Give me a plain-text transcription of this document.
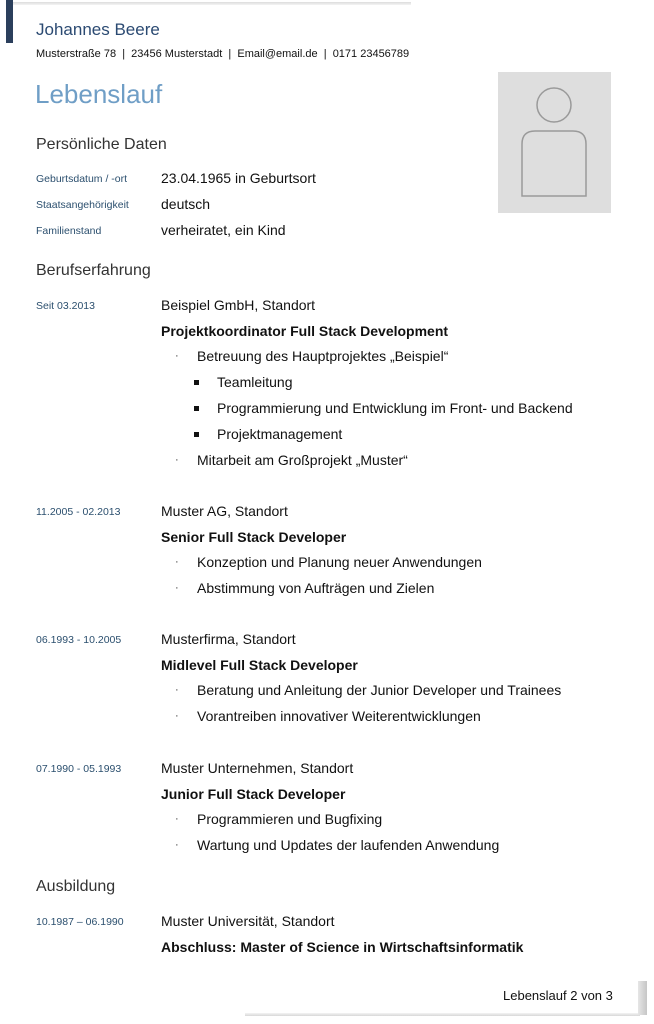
Johannes Beere
Musterstraße 78  |  23456 Musterstadt  |  Email@email.de  |  0171 23456789
Lebenslauf
Persönliche Daten
Geburtsdatum / -ort 23.04.1965 in Geburtsort
Staatsangehörigkeit deutsch
Familienstand	verheiratet, ein Kind
Berufserfahrung
Seit 03.2013	Beispiel GmbH, Standort
Projektkoordinator Full Stack Development
· Betreuung des Hauptprojektes „Beispiel“
Teamleitung
Programmierung und Entwicklung im Front- und Backend
Projektmanagement
· Mitarbeit am Großprojekt „Muster“
11.2005 - 02.2013	Muster AG, Standort
Senior Full Stack Developer
· Konzeption und Planung neuer Anwendungen
· Abstimmung von Aufträgen und Zielen
06.1993 - 10.2005	Musterfirma, Standort
Midlevel Full Stack Developer
· Beratung und Anleitung der Junior Developer und Trainees
· Vorantreiben innovativer Weiterentwicklungen
07.1990 - 05.1993	Muster Unternehmen, Standort
Junior Full Stack Developer
· Programmieren und Bugfixing
· Wartung und Updates der laufenden Anwendung
Ausbildung
10.1987 – 06.1990	Muster Universität, Standort
Abschluss: Master of Science in Wirtschaftsinformatik
Lebenslauf 2 von 3
